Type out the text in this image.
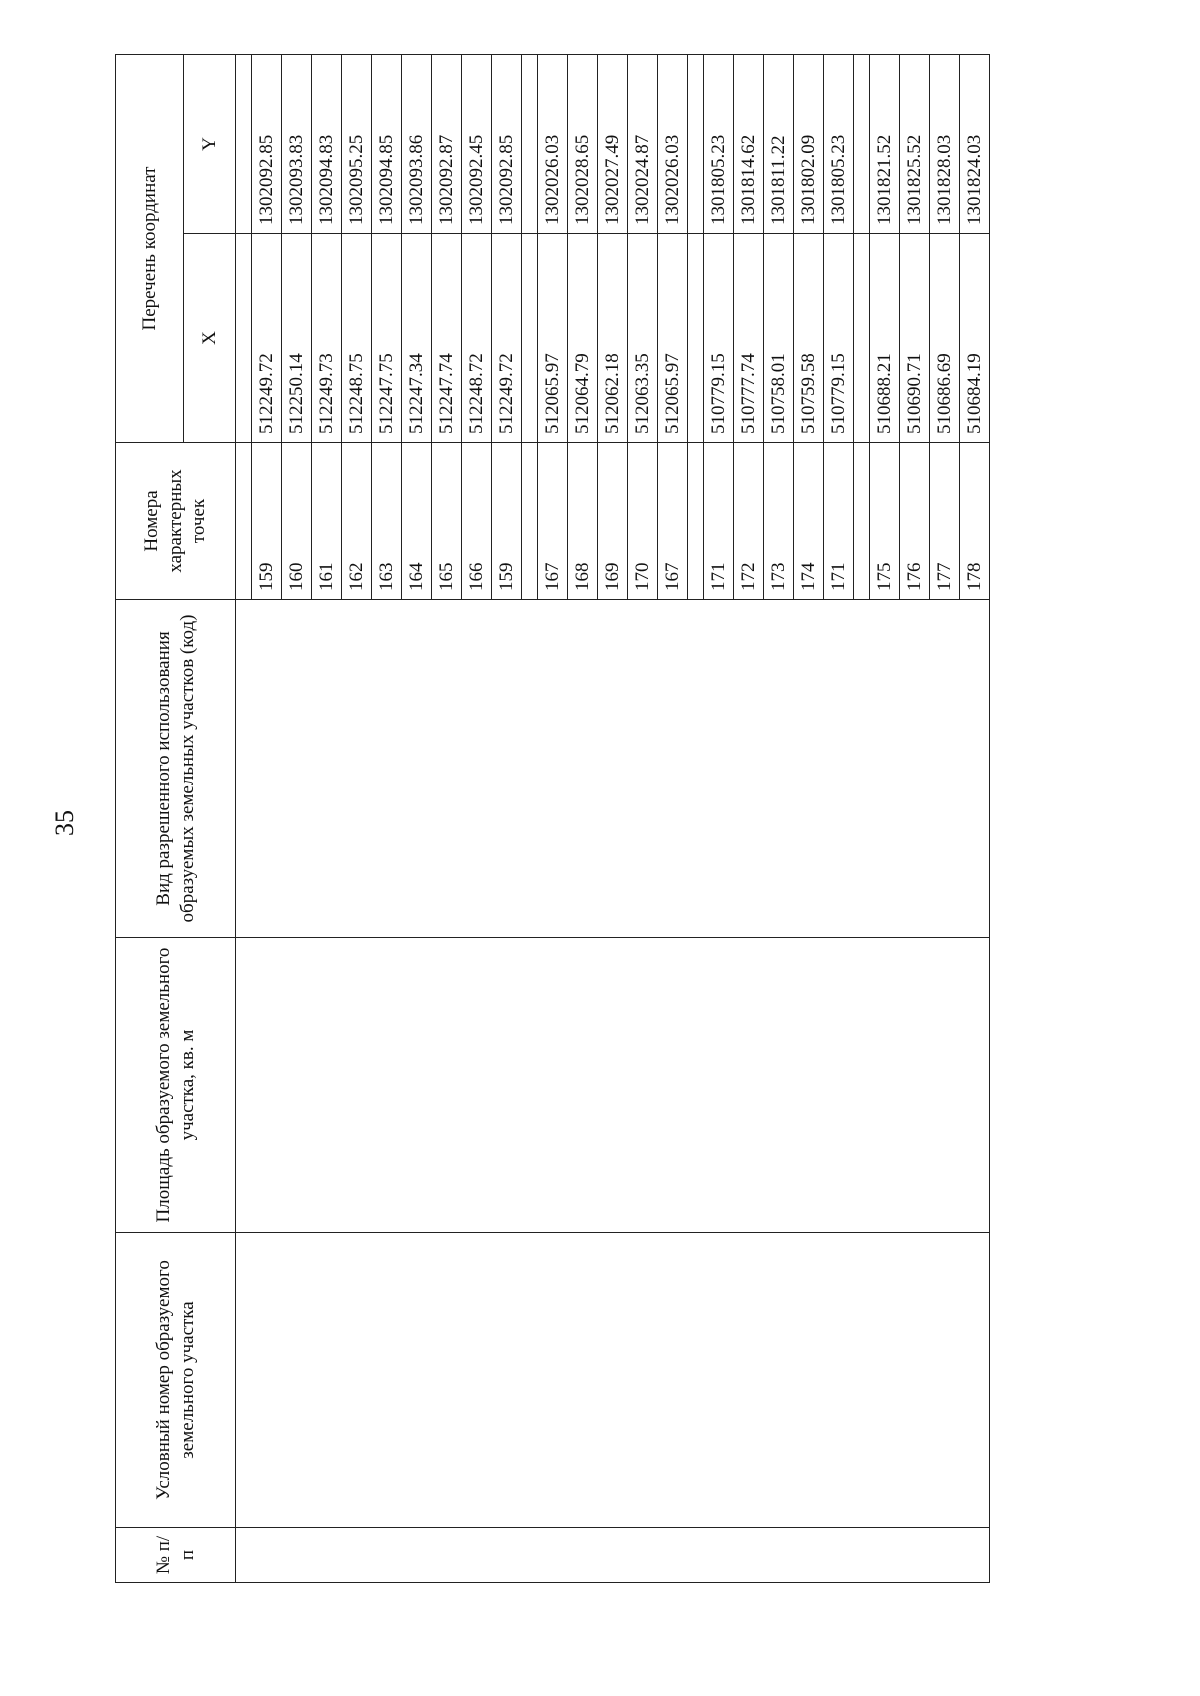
35
№ п/п	Условный номер образуемого земельного участка	Площадь образуемого земельного участка, кв. м	Вид разрешенного использования образуемых земельных участков (код)	Номера характерных точек	Перечень координат	
					X	Y

				159	512249.72	1302092.85
				160	512250.14	1302093.83
				161	512249.73	1302094.83
				162	512248.75	1302095.25
				163	512247.75	1302094.85
				164	512247.34	1302093.86
				165	512247.74	1302092.87
				166	512248.72	1302092.45
				159	512249.72	1302092.85

				167	512065.97	1302026.03
				168	512064.79	1302028.65
				169	512062.18	1302027.49
				170	512063.35	1302024.87
				167	512065.97	1302026.03

				171	510779.15	1301805.23
				172	510777.74	1301814.62
				173	510758.01	1301811.22
				174	510759.58	1301802.09
				171	510779.15	1301805.23

				175	510688.21	1301821.52
				176	510690.71	1301825.52
				177	510686.69	1301828.03
				178	510684.19	1301824.03
